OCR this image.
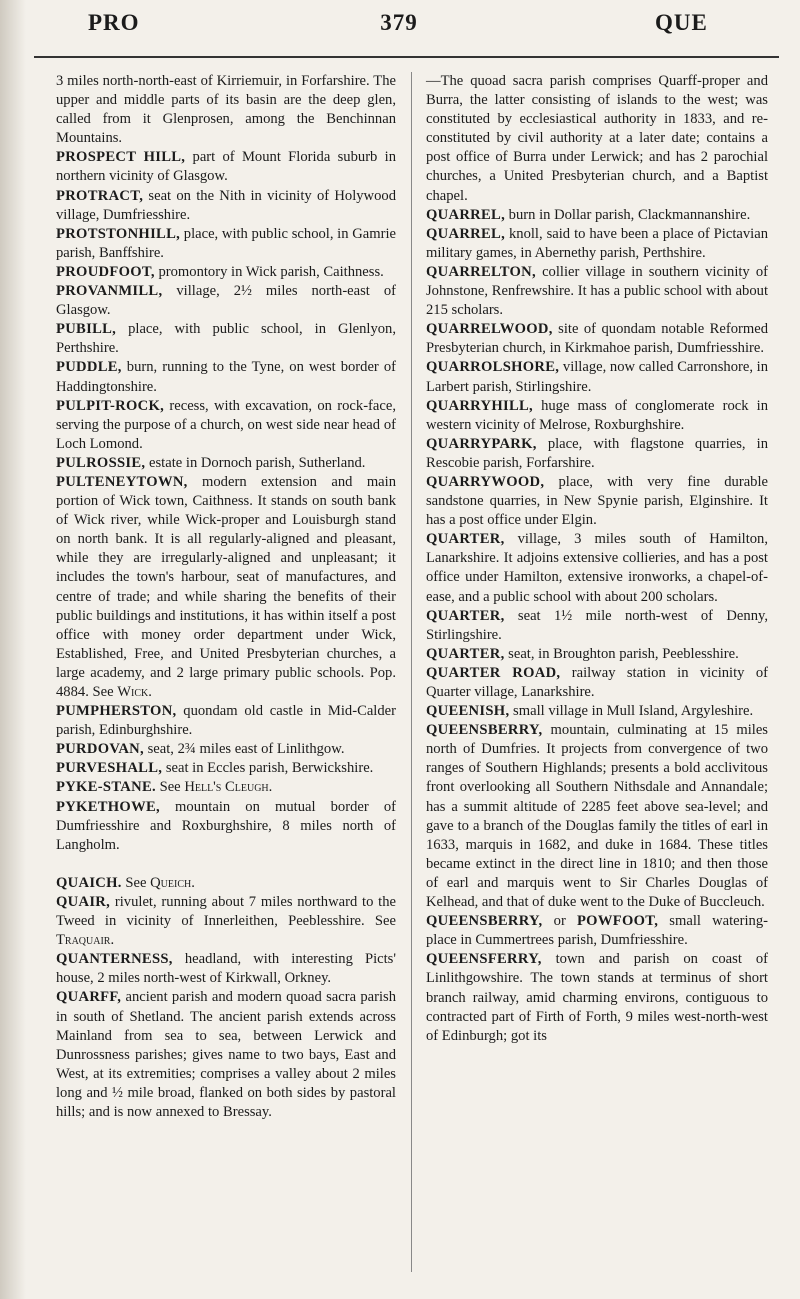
PRO	379	QUE

3 miles north-north-east of Kirriemuir, in Forfarshire. The upper and middle parts of its basin are the deep glen, called from it Glenprosen, among the Benchinnan Mountains.

PROSPECT HILL, part of Mount Florida suburb in northern vicinity of Glasgow.

PROTRACT, seat on the Nith in vicinity of Holywood village, Dumfriesshire.

PROTSTONHILL, place, with public school, in Gamrie parish, Banffshire.

PROUDFOOT, promontory in Wick parish, Caithness.

PROVANMILL, village, 2½ miles north-east of Glasgow.

PUBILL, place, with public school, in Glenlyon, Perthshire.

PUDDLE, burn, running to the Tyne, on west border of Haddingtonshire.

PULPIT-ROCK, recess, with excavation, on rock-face, serving the purpose of a church, on west side near head of Loch Lomond.

PULROSSIE, estate in Dornoch parish, Sutherland.

PULTENEYTOWN, modern extension and main portion of Wick town, Caithness. It stands on south bank of Wick river, while Wick-proper and Louisburgh stand on north bank. It is all regularly-aligned and pleasant, while they are irregularly-aligned and unpleasant; it includes the town's harbour, seat of manufactures, and centre of trade; and while sharing the benefits of their public buildings and institutions, it has within itself a post office with money order department under Wick, Established, Free, and United Presbyterian churches, a large academy, and 2 large primary public schools. Pop. 4884. See Wick.

PUMPHERSTON, quondam old castle in Mid-Calder parish, Edinburghshire.

PURDOVAN, seat, 2¾ miles east of Linlithgow.

PURVESHALL, seat in Eccles parish, Berwickshire.

PYKE-STANE. See Hell's Cleugh.

PYKETHOWE, mountain on mutual border of Dumfriesshire and Roxburghshire, 8 miles north of Langholm.

QUAICH. See Queich.

QUAIR, rivulet, running about 7 miles northward to the Tweed in vicinity of Innerleithen, Peeblesshire. See Traquair.

QUANTERNESS, headland, with interesting Picts' house, 2 miles north-west of Kirkwall, Orkney.

QUARFF, ancient parish and modern quoad sacra parish in south of Shetland. The ancient parish extends across Mainland from sea to sea, between Lerwick and Dunrossness parishes; gives name to two bays, East and West, at its extremities; comprises a valley about 2 miles long and ½ mile broad, flanked on both sides by pastoral hills; and is now annexed to Bressay.

—The quoad sacra parish comprises Quarff-proper and Burra, the latter consisting of islands to the west; was constituted by ecclesiastical authority in 1833, and re-constituted by civil authority at a later date; contains a post office of Burra under Lerwick; and has 2 parochial churches, a United Presbyterian church, and a Baptist chapel.

QUARREL, burn in Dollar parish, Clackmannanshire.

QUARREL, knoll, said to have been a place of Pictavian military games, in Abernethy parish, Perthshire.

QUARRELTON, collier village in southern vicinity of Johnstone, Renfrewshire. It has a public school with about 215 scholars.

QUARRELWOOD, site of quondam notable Reformed Presbyterian church, in Kirkmahoe parish, Dumfriesshire.

QUARROLSHORE, village, now called Carronshore, in Larbert parish, Stirlingshire.

QUARRYHILL, huge mass of conglomerate rock in western vicinity of Melrose, Roxburghshire.

QUARRYPARK, place, with flagstone quarries, in Rescobie parish, Forfarshire.

QUARRYWOOD, place, with very fine durable sandstone quarries, in New Spynie parish, Elginshire. It has a post office under Elgin.

QUARTER, village, 3 miles south of Hamilton, Lanarkshire. It adjoins extensive collieries, and has a post office under Hamilton, extensive ironworks, a chapel-of-ease, and a public school with about 200 scholars.

QUARTER, seat 1½ mile north-west of Denny, Stirlingshire.

QUARTER, seat, in Broughton parish, Peeblesshire.

QUARTER ROAD, railway station in vicinity of Quarter village, Lanarkshire.

QUEENISH, small village in Mull Island, Argyleshire.

QUEENSBERRY, mountain, culminating at 15 miles north of Dumfries. It projects from convergence of two ranges of Southern Highlands; presents a bold acclivitous front overlooking all Southern Nithsdale and Annandale; has a summit altitude of 2285 feet above sea-level; and gave to a branch of the Douglas family the titles of earl in 1633, marquis in 1682, and duke in 1684. These titles became extinct in the direct line in 1810; and then those of earl and marquis went to Sir Charles Douglas of Kelhead, and that of duke went to the Duke of Buccleuch.

QUEENSBERRY, or POWFOOT, small watering-place in Cummertrees parish, Dumfriesshire.

QUEENSFERRY, town and parish on coast of Linlithgowshire. The town stands at terminus of short branch railway, amid charming environs, contiguous to contracted part of Firth of Forth, 9 miles west-north-west of Edinburgh; got its
